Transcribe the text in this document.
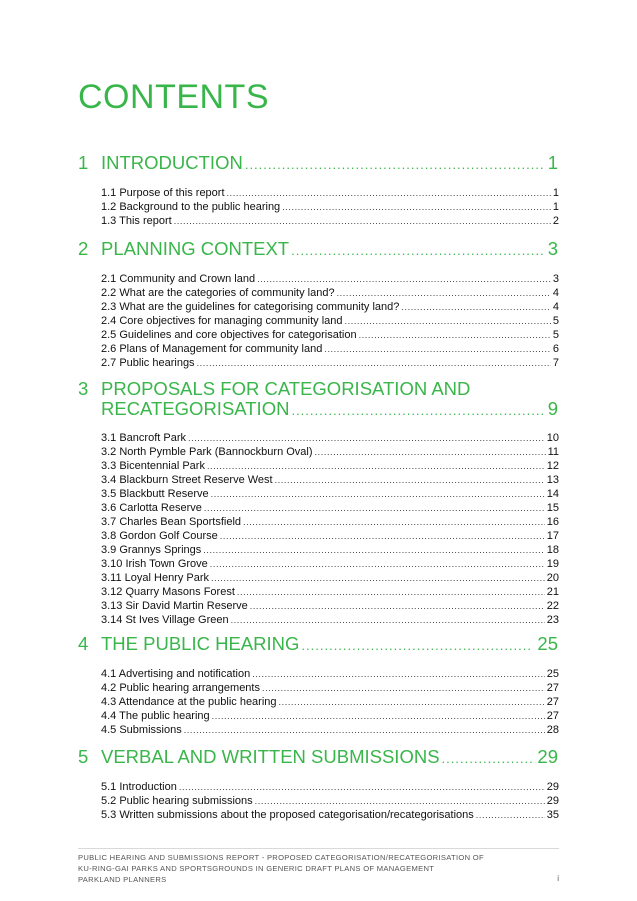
CONTENTS
1 INTRODUCTION .....	1
1.1 Purpose of this report .....	1
1.2 Background to the public hearing .....	1
1.3 This report .....	2
2 PLANNING CONTEXT .....	3
2.1 Community and Crown land .....	3
2.2 What are the categories of community land? .....	4
2.3 What are the guidelines for categorising community land? .....	4
2.4 Core objectives for managing community land .....	5
2.5 Guidelines and core objectives for categorisation .....	5
2.6 Plans of Management for community land .....	6
2.7 Public hearings .....	7
3 PROPOSALS FOR CATEGORISATION AND
RECATEGORISATION .....	9
3.1 Bancroft Park .....	10
3.2 North Pymble Park (Bannockburn Oval) .....	11
3.3 Bicentennial Park .....	12
3.4 Blackburn Street Reserve West .....	13
3.5 Blackbutt Reserve .....	14
3.6 Carlotta Reserve .....	15
3.7 Charles Bean Sportsfield .....	16
3.8 Gordon Golf Course .....	17
3.9 Grannys Springs .....	18
3.10 Irish Town Grove .....	19
3.11 Loyal Henry Park .....	20
3.12 Quarry Masons Forest .....	21
3.13 Sir David Martin Reserve .....	22
3.14 St Ives Village Green .....	23
4 THE PUBLIC HEARING .....	25
4.1 Advertising and notification .....	25
4.2 Public hearing arrangements .....	27
4.3 Attendance at the public hearing .....	27
4.4 The public hearing .....	27
4.5 Submissions .....	28
5 VERBAL AND WRITTEN SUBMISSIONS .....	29
5.1 Introduction .....	29
5.2 Public hearing submissions .....	29
5.3 Written submissions about the proposed categorisation/recategorisations .....	35
PUBLIC HEARING AND SUBMISSIONS REPORT - PROPOSED CATEGORISATION/RECATEGORISATION OF
KU-RING-GAI PARKS AND SPORTSGROUNDS IN GENERIC DRAFT PLANS OF MANAGEMENT
PARKLAND PLANNERS	i
